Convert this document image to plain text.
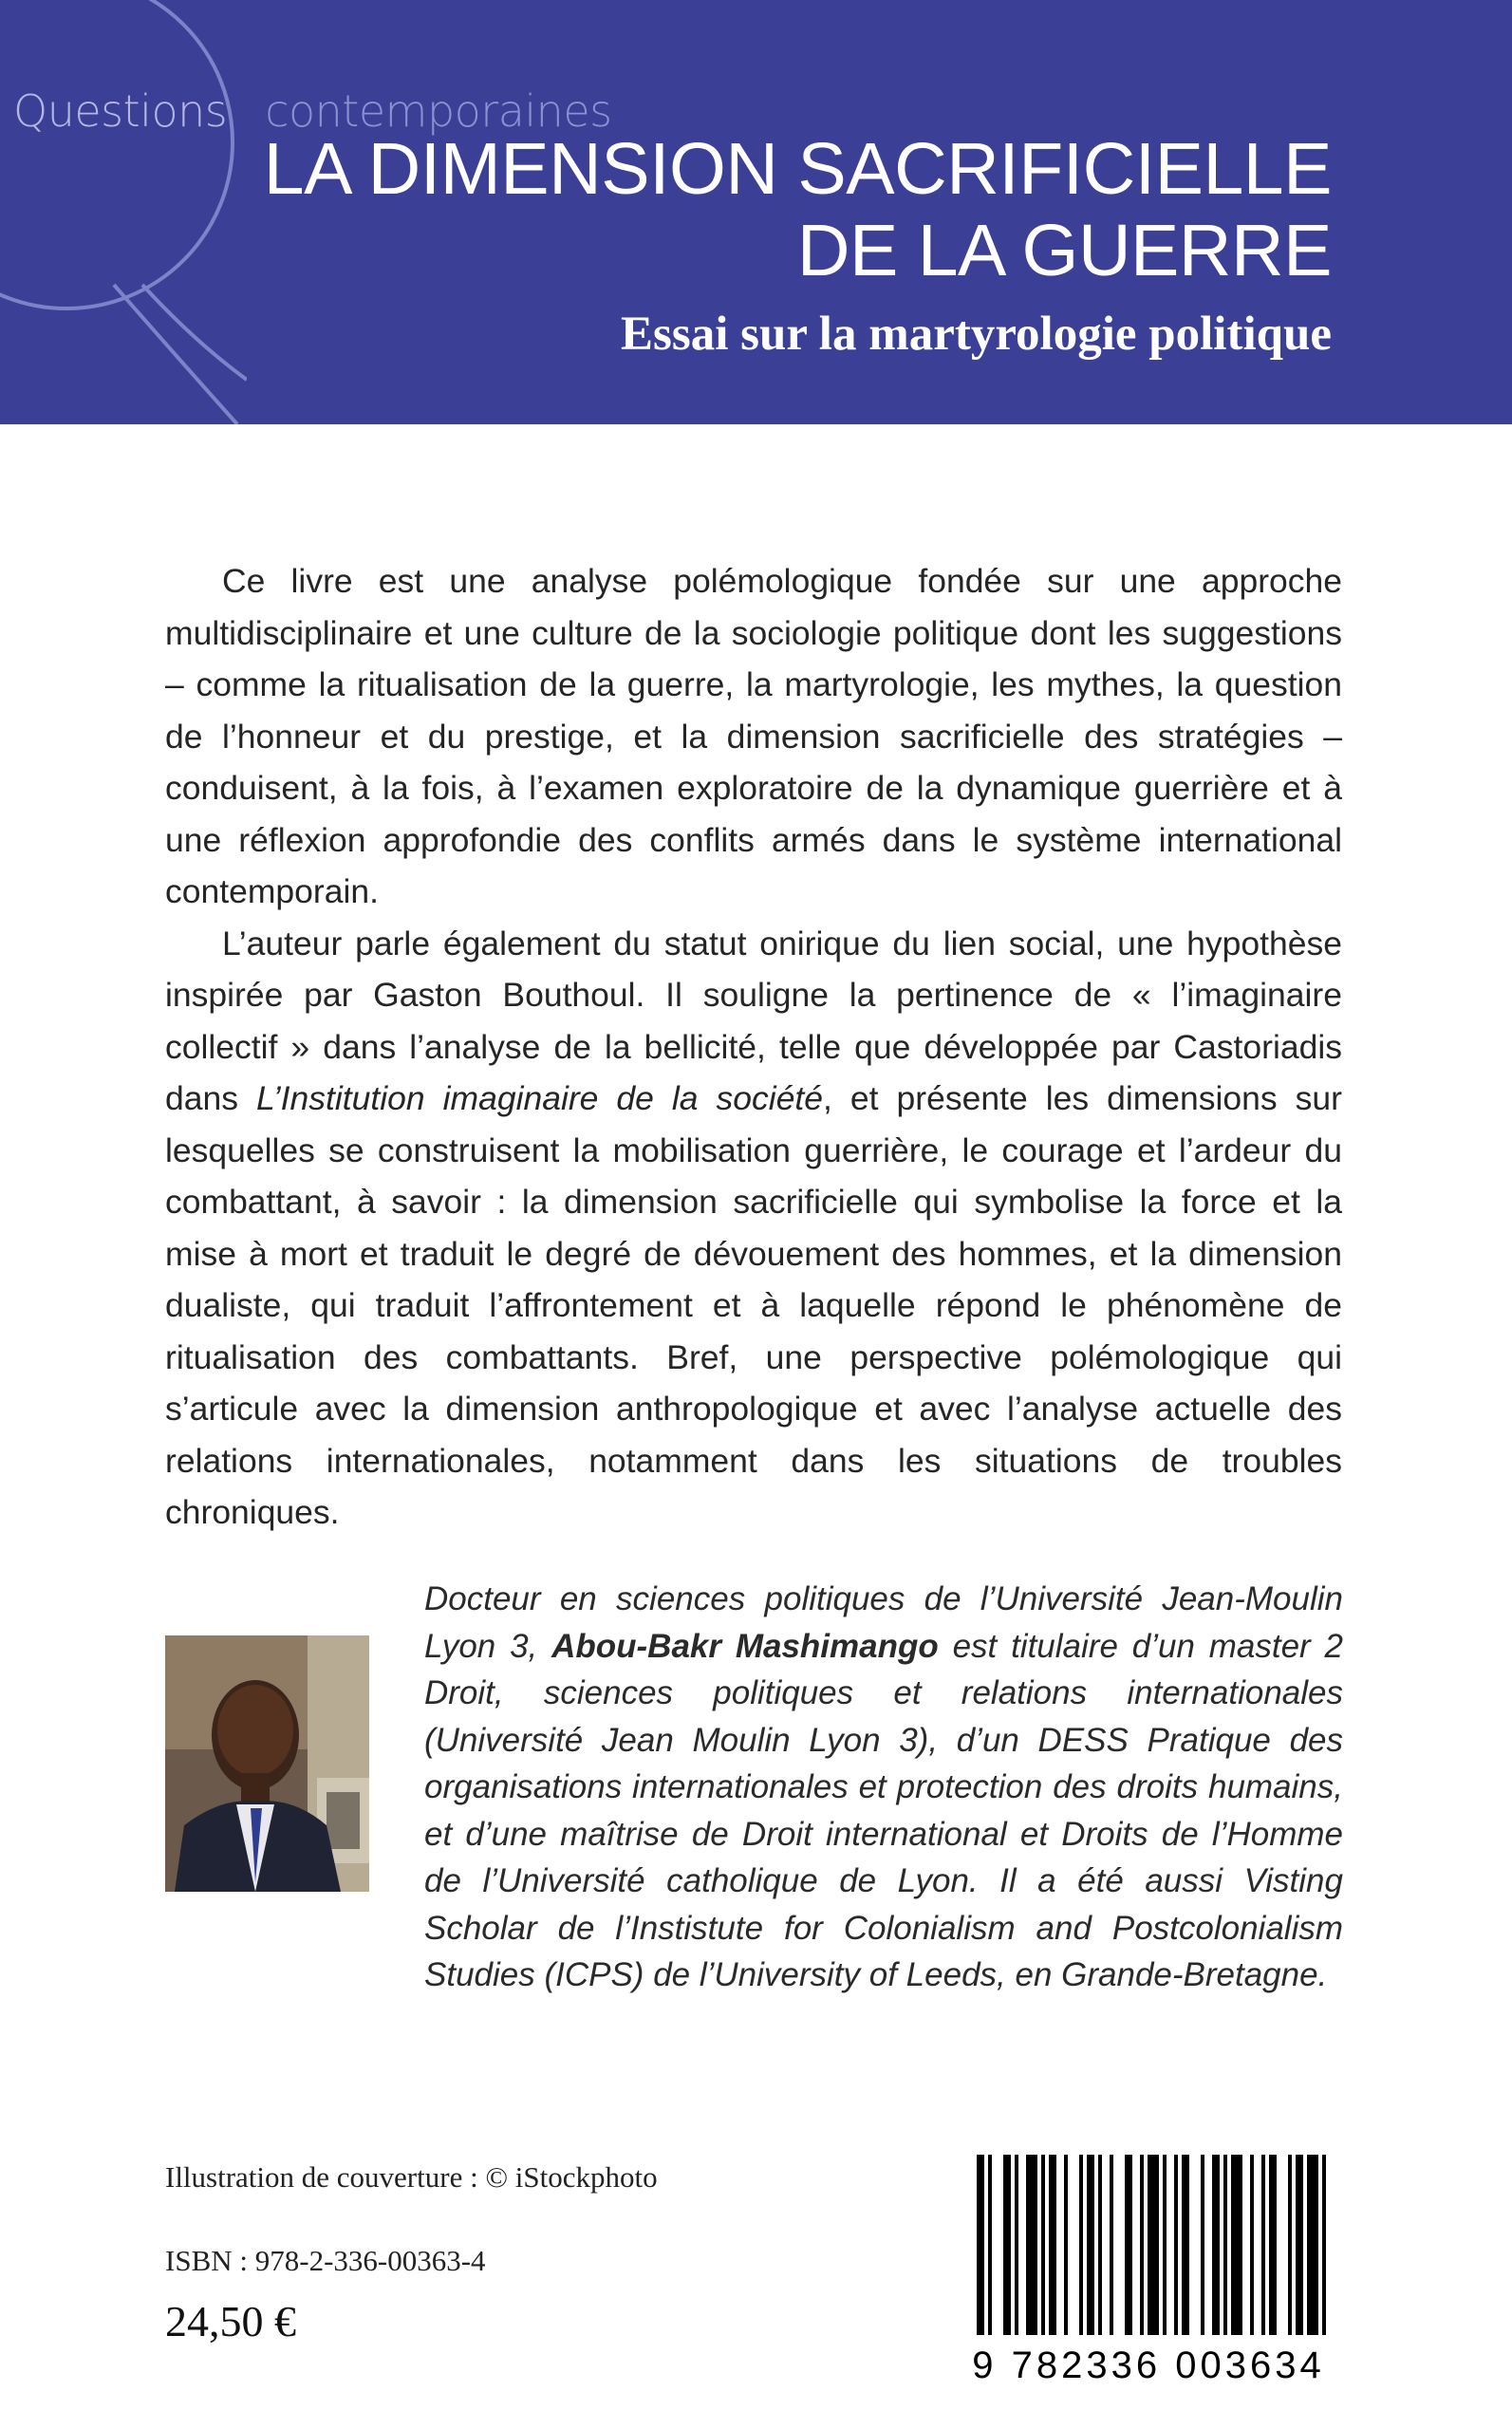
Questions contemporaines
LA DIMENSION SACRIFICIELLE
DE LA GUERRE
Essai sur la martyrologie politique

Ce livre est une analyse polémologique fondée sur une approche multidisciplinaire et une culture de la sociologie politique dont les suggestions – comme la ritualisation de la guerre, la martyrologie, les mythes, la question de l’honneur et du prestige, et la dimension sacrificielle des stratégies – conduisent, à la fois, à l’examen exploratoire de la dynamique guerrière et à une réflexion approfondie des conflits armés dans le système international contemporain.

L’auteur parle également du statut onirique du lien social, une hypothèse inspirée par Gaston Bouthoul. Il souligne la pertinence de « l’imaginaire collectif » dans l’analyse de la bellicité, telle que développée par Castoriadis dans L’Institution imaginaire de la société, et présente les dimensions sur lesquelles se construisent la mobilisation guerrière, le courage et l’ardeur du combattant, à savoir : la dimension sacrificielle qui symbolise la force et la mise à mort et traduit le degré de dévouement des hommes, et la dimension dualiste, qui traduit l’affrontement et à laquelle répond le phénomène de ritualisation des combattants. Bref, une perspective polémologique qui s’articule avec la dimension anthropologique et avec l’analyse actuelle des relations internationales, notamment dans les situations de troubles chroniques.

Docteur en sciences politiques de l’Université Jean-Moulin Lyon 3, Abou-Bakr Mashimango est titulaire d’un master 2 Droit, sciences politiques et relations internationales (Université Jean Moulin Lyon 3), d’un DESS Pratique des organisations internationales et protection des droits humains, et d’une maîtrise de Droit international et Droits de l’Homme de l’Université catholique de Lyon. Il a été aussi Visting Scholar de l’Instistute for Colonialism and Postcolonialism Studies (ICPS) de l’University of Leeds, en Grande-Bretagne.

Illustration de couverture : © iStockphoto
ISBN : 978-2-336-00363-4
24,50 €
9 782336 003634
